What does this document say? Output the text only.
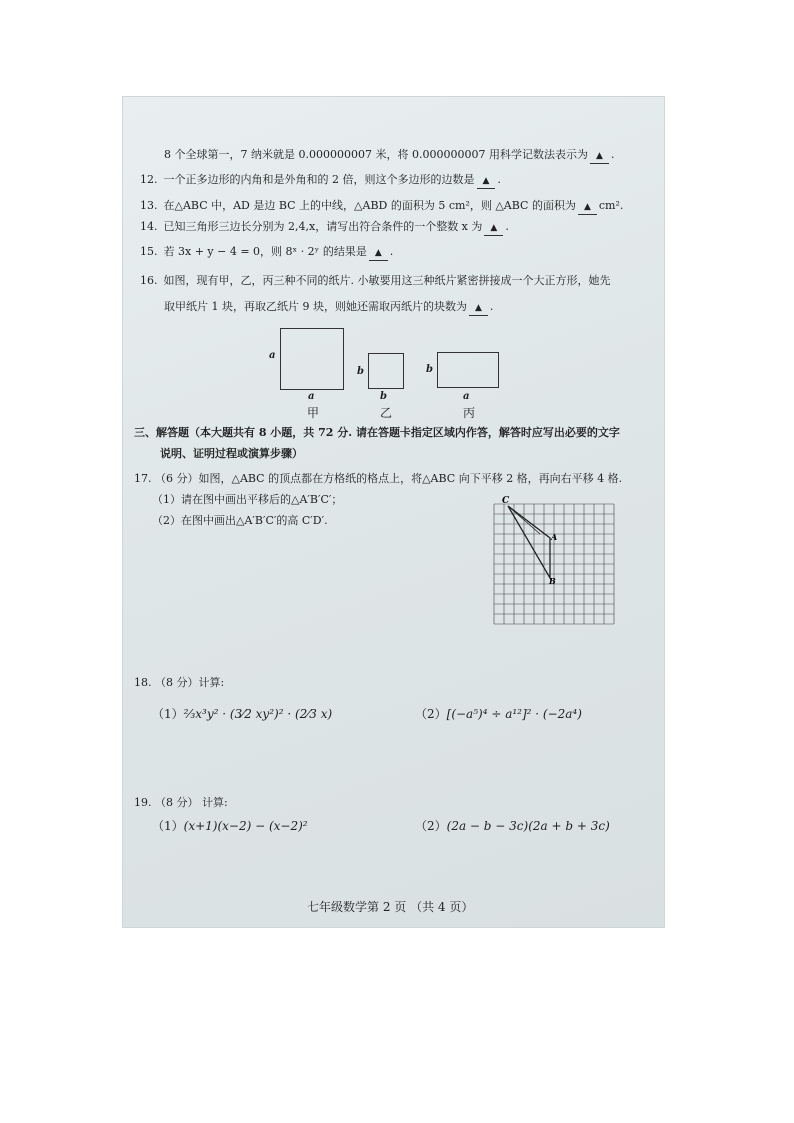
8 个全球第一，7 纳米就是 0.000000007 米，将 0.000000007 用科学记数法表示为 ▲ .
12. 一个正多边形的内角和是外角和的 2 倍，则这个多边形的边数是 ▲ .
13. 在△ABC 中，AD 是边 BC 上的中线，△ABD 的面积为 5 cm²，则 △ABC 的面积为 ▲ cm².
14. 已知三角形三边长分别为 2,4,x，请写出符合条件的一个整数 x 为 ▲ .
15. 若 3x + y − 4 = 0，则 8ˣ · 2ʸ 的结果是 ▲ .
16. 如图，现有甲，乙，丙三种不同的纸片. 小敏要用这三种纸片紧密拼接成一个大正方形，她先
取甲纸片 1 块，再取乙纸片 9 块，则她还需取丙纸片的块数为 ▲ .
a
a
甲
b
b
乙
b
a
丙
三、解答题（本大题共有 8 小题，共 72 分. 请在答题卡指定区域内作答，解答时应写出必要的文字
说明、证明过程或演算步骤）
17. （6 分）如图，△ABC 的顶点都在方格纸的格点上，将△ABC 向下平移 2 格，再向右平移 4 格.
（1）请在图中画出平移后的△A′B′C′；
（2）在图中画出△A′B′C′的高 C′D′.
C
A
B
18. （8 分）计算:
（1）⅔x³y² · (3⁄2 xy²)² · (2⁄3 x)	（2）[(−a⁵)⁴ ÷ a¹²]² · (−2a⁴)
19. （8 分） 计算:
（1）(x+1)(x−2) − (x−2)²	（2）(2a − b − 3c)(2a + b + 3c)
七年级数学第 2 页 （共 4 页）
